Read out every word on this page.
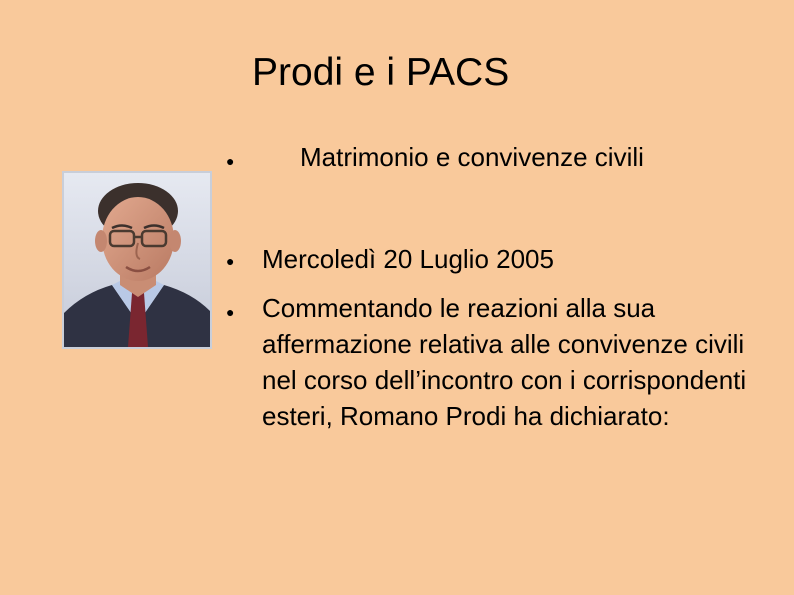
Prodi e i PACS
●	Matrimonio e convivenze civili
● Mercoledì 20 Luglio 2005
● Commentando le reazioni alla sua affermazione relativa alle convivenze civili nel corso dell’incontro con i corrispondenti esteri, Romano Prodi ha dichiarato:
